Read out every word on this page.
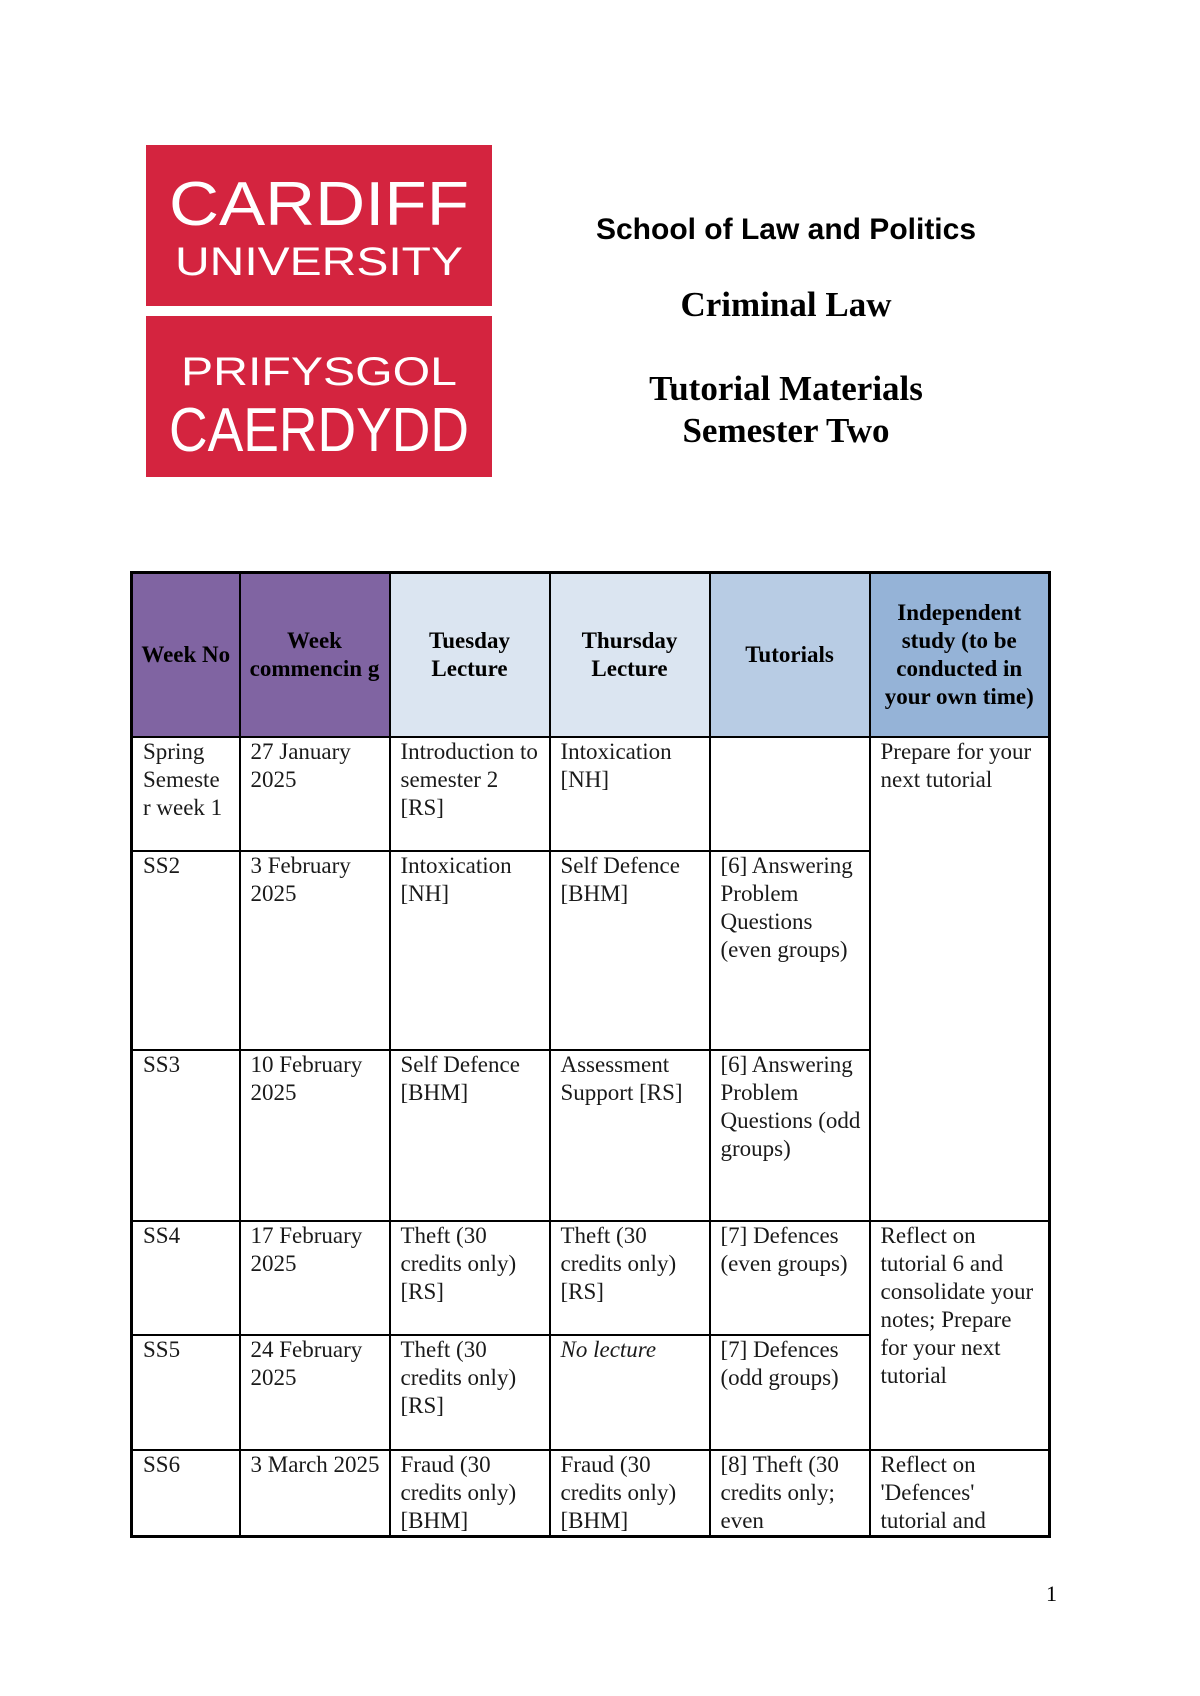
CARDIFF
UNIVERSITY
PRIFYSGOL
CAERDYDD

School of Law and Politics

Criminal Law

Tutorial Materials

Semester Two

Week No	Week commencin g	Tuesday Lecture	Thursday Lecture	Tutorials	Independent study (to be conducted in your own time)
Spring Semeste r week 1	27 January 2025	Introduction to semester 2 [RS]	Intoxication [NH]		Prepare for your next tutorial
SS2	3 February 2025	Intoxication [NH]	Self Defence [BHM]	[6] Answering Problem Questions (even groups)	
SS3	10 February 2025	Self Defence [BHM]	Assessment Support [RS]	[6] Answering Problem Questions (odd groups)	
SS4	17 February 2025	Theft (30 credits only) [RS]	Theft (30 credits only) [RS]	[7] Defences (even groups)	Reflect on tutorial 6 and consolidate your notes; Prepare for your next tutorial
SS5	24 February 2025	Theft (30 credits only) [RS]	No lecture	[7] Defences (odd groups)	
SS6	3 March 2025	Fraud (30 credits only) [BHM]	Fraud (30 credits only) [BHM]	[8] Theft (30 credits only; even	Reflect on 'Defences' tutorial and
1
